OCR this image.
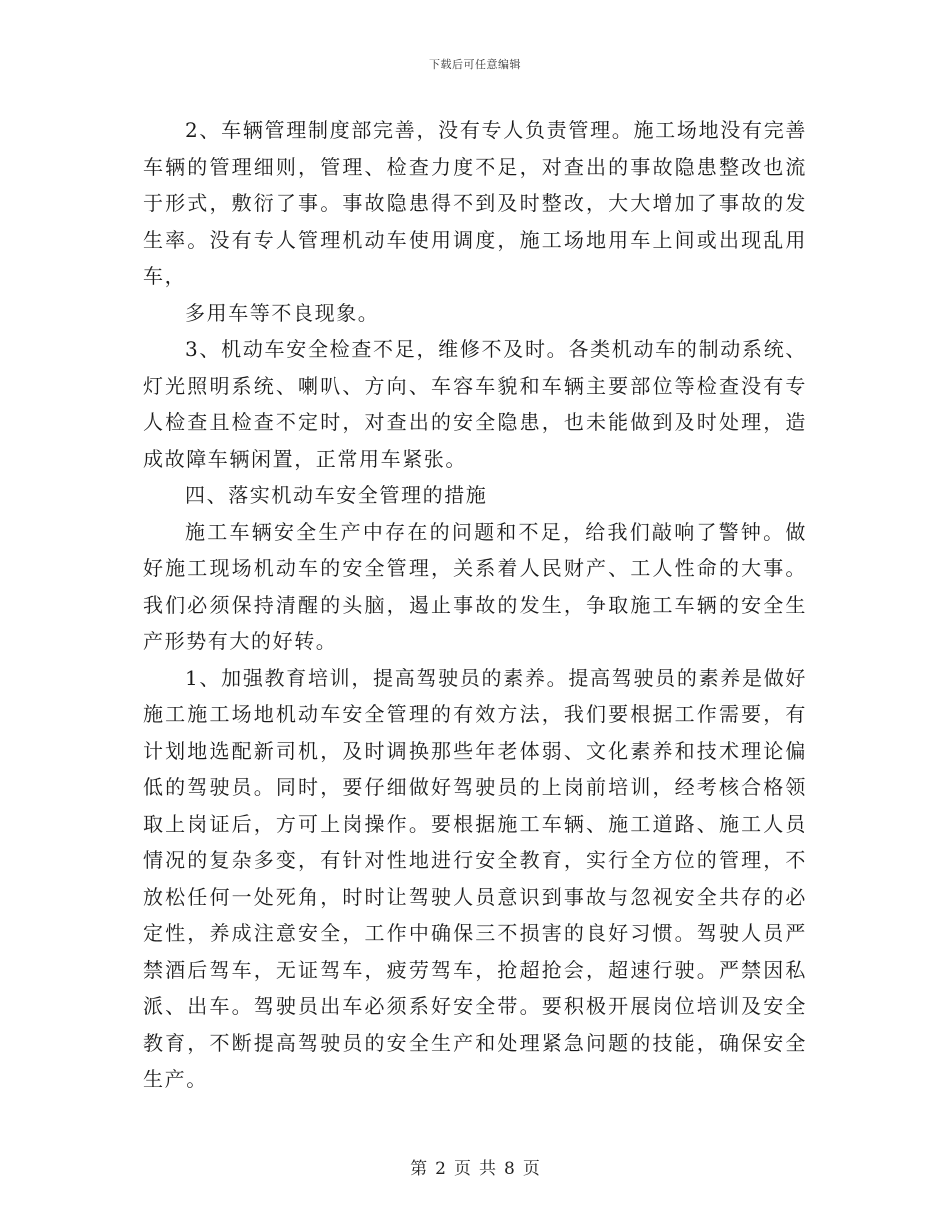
下载后可任意编辑

2、车辆管理制度部完善，没有专人负责管理。施工场地没有完善车辆的管理细则，管理、检查力度不足，对查出的事故隐患整改也流于形式，敷衍了事。事故隐患得不到及时整改，大大增加了事故的发生率。没有专人管理机动车使用调度，施工场地用车上间或出现乱用车，

多用车等不良现象。

3、机动车安全检查不足，维修不及时。各类机动车的制动系统、灯光照明系统、喇叭、方向、车容车貌和车辆主要部位等检查没有专人检查且检查不定时，对查出的安全隐患，也未能做到及时处理，造成故障车辆闲置，正常用车紧张。

四、落实机动车安全管理的措施

施工车辆安全生产中存在的问题和不足，给我们敲响了警钟。做好施工现场机动车的安全管理，关系着人民财产、工人性命的大事。我们必须保持清醒的头脑，遏止事故的发生，争取施工车辆的安全生产形势有大的好转。

1、加强教育培训，提高驾驶员的素养。提高驾驶员的素养是做好施工施工场地机动车安全管理的有效方法，我们要根据工作需要，有计划地选配新司机，及时调换那些年老体弱、文化素养和技术理论偏低的驾驶员。同时，要仔细做好驾驶员的上岗前培训，经考核合格领取上岗证后，方可上岗操作。要根据施工车辆、施工道路、施工人员情况的复杂多变，有针对性地进行安全教育，实行全方位的管理，不放松任何一处死角，时时让驾驶人员意识到事故与忽视安全共存的必定性，养成注意安全，工作中确保三不损害的良好习惯。驾驶人员严禁酒后驾车，无证驾车，疲劳驾车，抢超抢会，超速行驶。严禁因私派、出车。驾驶员出车必须系好安全带。要积极开展岗位培训及安全教育，不断提高驾驶员的安全生产和处理紧急问题的技能，确保安全生产。

第 2 页 共 8 页
